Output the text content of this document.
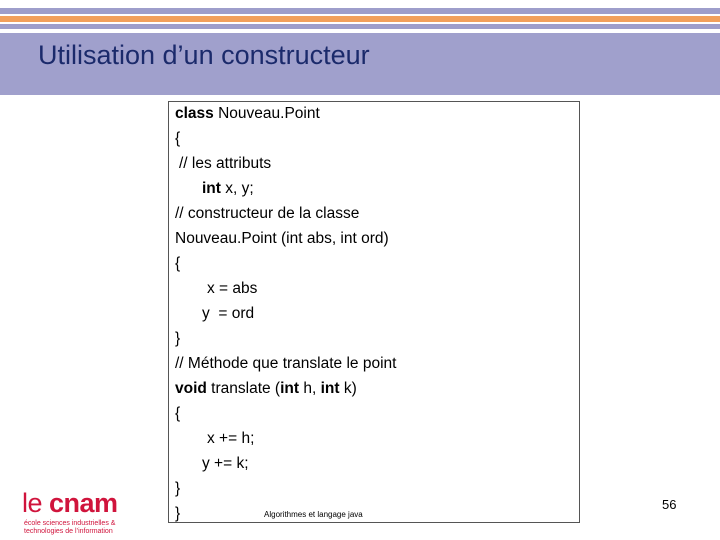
Utilisation d’un constructeur
class Nouveau.Point
{
// les attributs
int x, y;
// constructeur de la classe
Nouveau.Point (int abs, int ord)
{
x = abs
y  = ord
}
// Méthode que translate le point
void translate (int h, int k)
{
x += h;
y += k;
}
}	Algorithmes et langage java
le cnam
école sciences industrielles &
technologies de l’information
56
